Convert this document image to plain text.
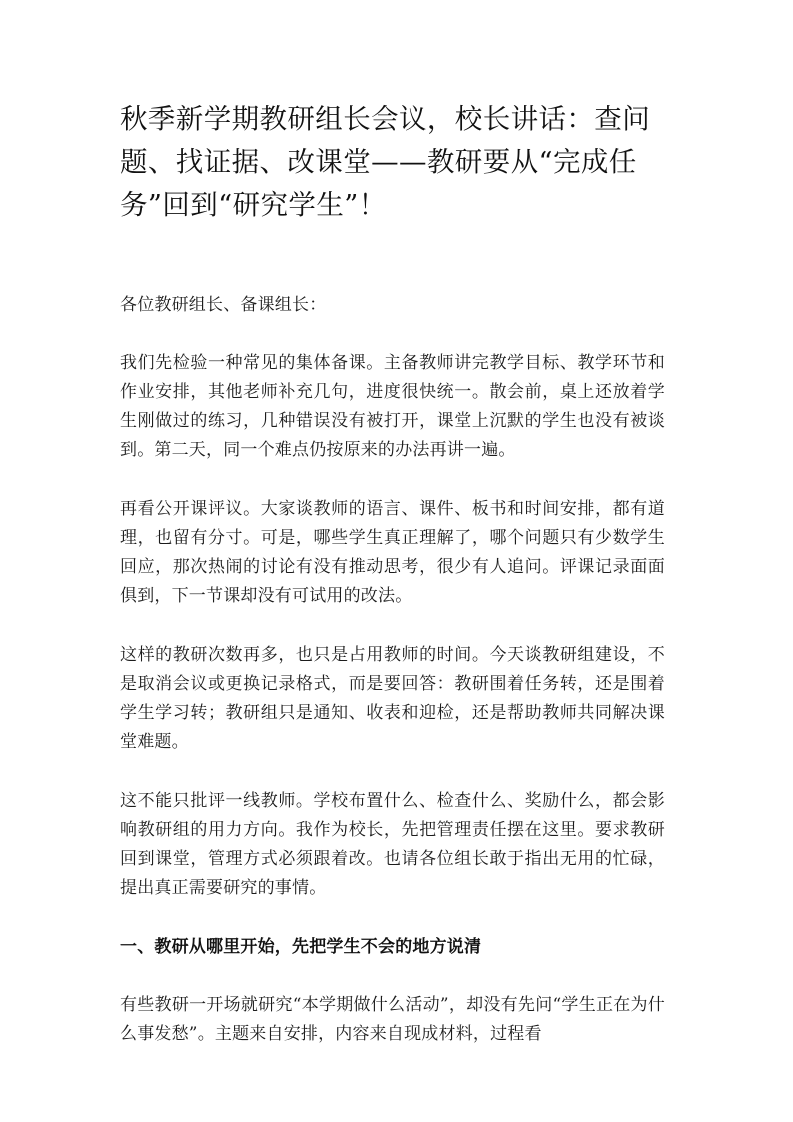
秋季新学期教研组长会议，校长讲话：查问题、找证据、改课堂——教研要从“完成任务”回到“研究学生”！

各位教研组长、备课组长：

我们先检验一种常见的集体备课。主备教师讲完教学目标、教学环节和作业安排，其他老师补充几句，进度很快统一。散会前，桌上还放着学生刚做过的练习，几种错误没有被打开，课堂上沉默的学生也没有被谈到。第二天，同一个难点仍按原来的办法再讲一遍。

再看公开课评议。大家谈教师的语言、课件、板书和时间安排，都有道理，也留有分寸。可是，哪些学生真正理解了，哪个问题只有少数学生回应，那次热闹的讨论有没有推动思考，很少有人追问。评课记录面面俱到，下一节课却没有可试用的改法。

这样的教研次数再多，也只是占用教师的时间。今天谈教研组建设，不是取消会议或更换记录格式，而是要回答：教研围着任务转，还是围着学生学习转；教研组只是通知、收表和迎检，还是帮助教师共同解决课堂难题。

这不能只批评一线教师。学校布置什么、检查什么、奖励什么，都会影响教研组的用力方向。我作为校长，先把管理责任摆在这里。要求教研回到课堂，管理方式必须跟着改。也请各位组长敢于指出无用的忙碌，提出真正需要研究的事情。

一、教研从哪里开始，先把学生不会的地方说清

有些教研一开场就研究“本学期做什么活动”，却没有先问“学生正在为什么事发愁”。主题来自安排，内容来自现成材料，过程看
